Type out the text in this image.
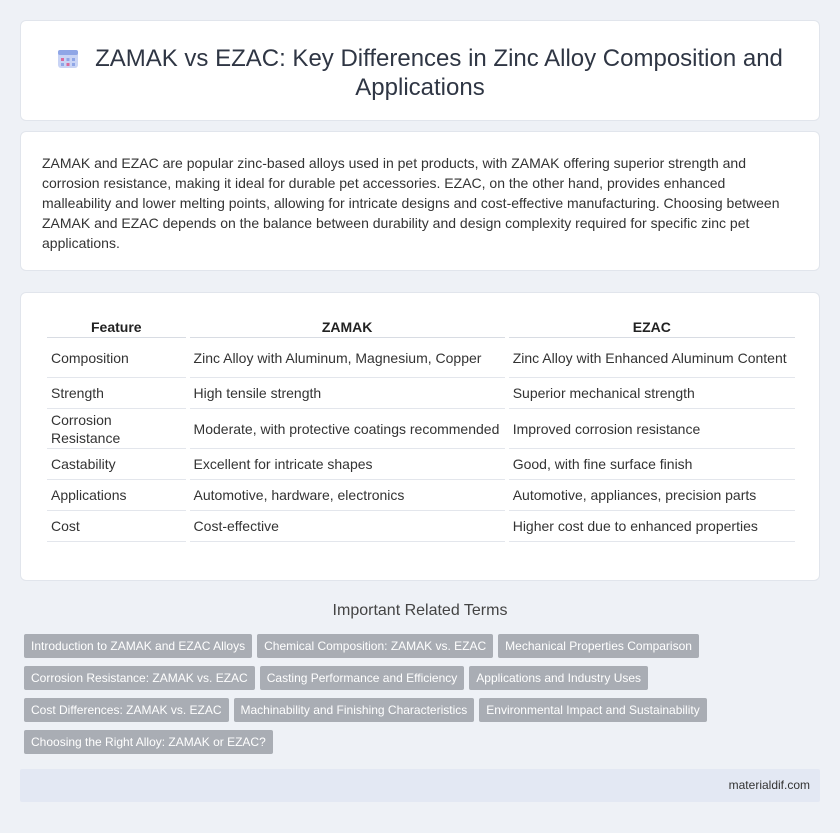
ZAMAK vs EZAC: Key Differences in Zinc Alloy Composition and Applications

ZAMAK and EZAC are popular zinc-based alloys used in pet products, with ZAMAK offering superior strength and corrosion resistance, making it ideal for durable pet accessories. EZAC, on the other hand, provides enhanced malleability and lower melting points, allowing for intricate designs and cost-effective manufacturing. Choosing between ZAMAK and EZAC depends on the balance between durability and design complexity required for specific zinc pet applications.

Feature	ZAMAK	EZAC
Composition	Zinc Alloy with Aluminum, Magnesium, Copper	Zinc Alloy with Enhanced Aluminum Content
Strength	High tensile strength	Superior mechanical strength
Corrosion Resistance	Moderate, with protective coatings recommended	Improved corrosion resistance
Castability	Excellent for intricate shapes	Good, with fine surface finish
Applications	Automotive, hardware, electronics	Automotive, appliances, precision parts
Cost	Cost-effective	Higher cost due to enhanced properties
Important Related Terms
Introduction to ZAMAK and EZAC Alloys Chemical Composition: ZAMAK vs. EZAC Mechanical Properties Comparison
Corrosion Resistance: ZAMAK vs. EZAC Casting Performance and Efficiency Applications and Industry Uses
Cost Differences: ZAMAK vs. EZAC Machinability and Finishing Characteristics Environmental Impact and Sustainability
Choosing the Right Alloy: ZAMAK or EZAC?
materialdif.com
